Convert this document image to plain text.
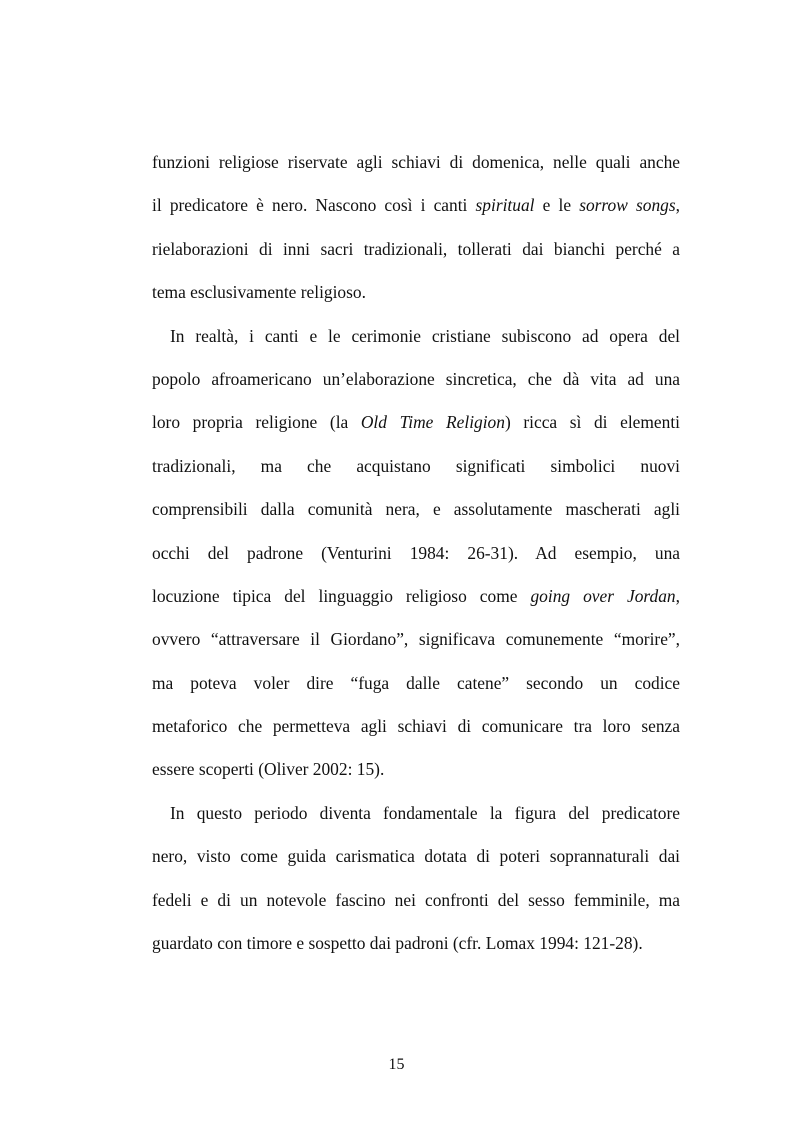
funzioni religiose riservate agli schiavi di domenica, nelle quali anche
il predicatore è nero. Nascono così i canti spiritual e le sorrow songs,
rielaborazioni di inni sacri tradizionali, tollerati dai bianchi perché a
tema esclusivamente religioso.
In realtà, i canti e le cerimonie cristiane subiscono ad opera del
popolo afroamericano un’elaborazione sincretica, che dà vita ad una
loro propria religione (la Old Time Religion) ricca sì di elementi
tradizionali, ma che acquistano significati simbolici nuovi
comprensibili dalla comunità nera, e assolutamente mascherati agli
occhi del padrone (Venturini 1984: 26-31). Ad esempio, una
locuzione tipica del linguaggio religioso come going over Jordan,
ovvero “attraversare il Giordano”, significava comunemente “morire”,
ma poteva voler dire “fuga dalle catene” secondo un codice
metaforico che permetteva agli schiavi di comunicare tra loro senza
essere scoperti (Oliver 2002: 15).
In questo periodo diventa fondamentale la figura del predicatore
nero, visto come guida carismatica dotata di poteri soprannaturali dai
fedeli e di un notevole fascino nei confronti del sesso femminile, ma
guardato con timore e sospetto dai padroni (cfr. Lomax 1994: 121-28).
15
